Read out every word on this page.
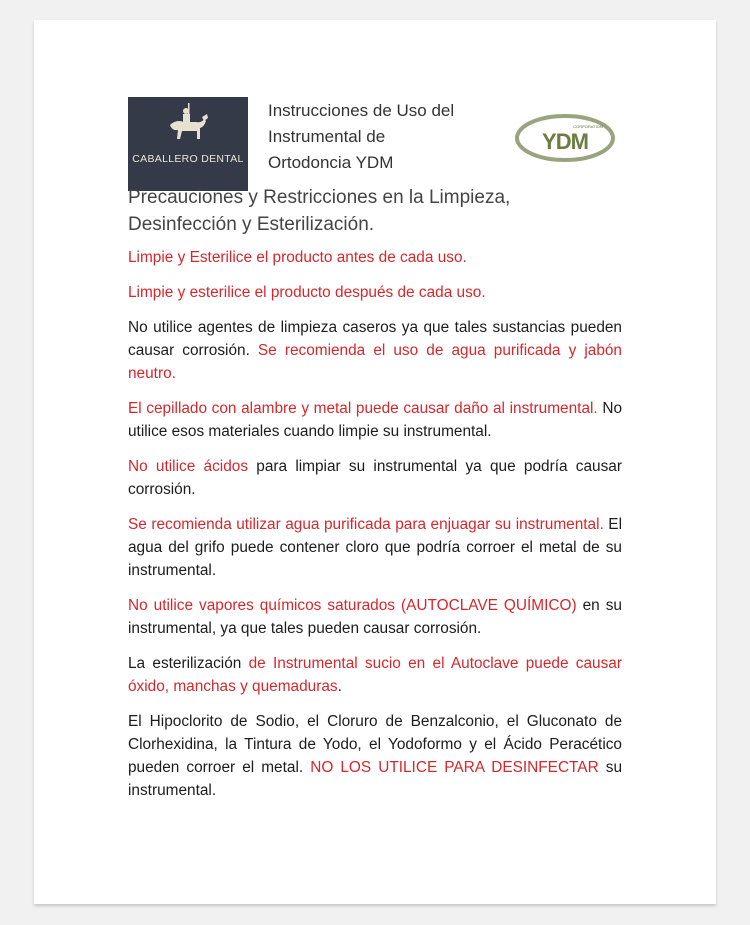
CABALLERO DENTAL
Instrucciones de Uso del
Instrumental de
Ortodoncia YDM
CORPORATION
YDM
Precauciones y Restricciones en la Limpieza,
Desinfección y Esterilización.

Limpie y Esterilice el producto antes de cada uso.

Limpie y esterilice el producto después de cada uso.

No utilice agentes de limpieza caseros ya que tales sustancias pueden causar corrosión. Se recomienda el uso de agua purificada y jabón neutro.

El cepillado con alambre y metal puede causar daño al instrumental. No utilice esos materiales cuando limpie su instrumental.

No utilice ácidos para limpiar su instrumental ya que podría causar corrosión.

Se recomienda utilizar agua purificada para enjuagar su instrumental. El agua del grifo puede contener cloro que podría corroer el metal de su instrumental.

No utilice vapores químicos saturados (AUTOCLAVE QUÍMICO) en su instrumental, ya que tales pueden causar corrosión.

La esterilización de Instrumental sucio en el Autoclave puede causar óxido, manchas y quemaduras.

El Hipoclorito de Sodio, el Cloruro de Benzalconio, el Gluconato de Clorhexidina, la Tintura de Yodo, el Yodoformo y el Ácido Peracético pueden corroer el metal. NO LOS UTILICE PARA DESINFECTAR su instrumental.
